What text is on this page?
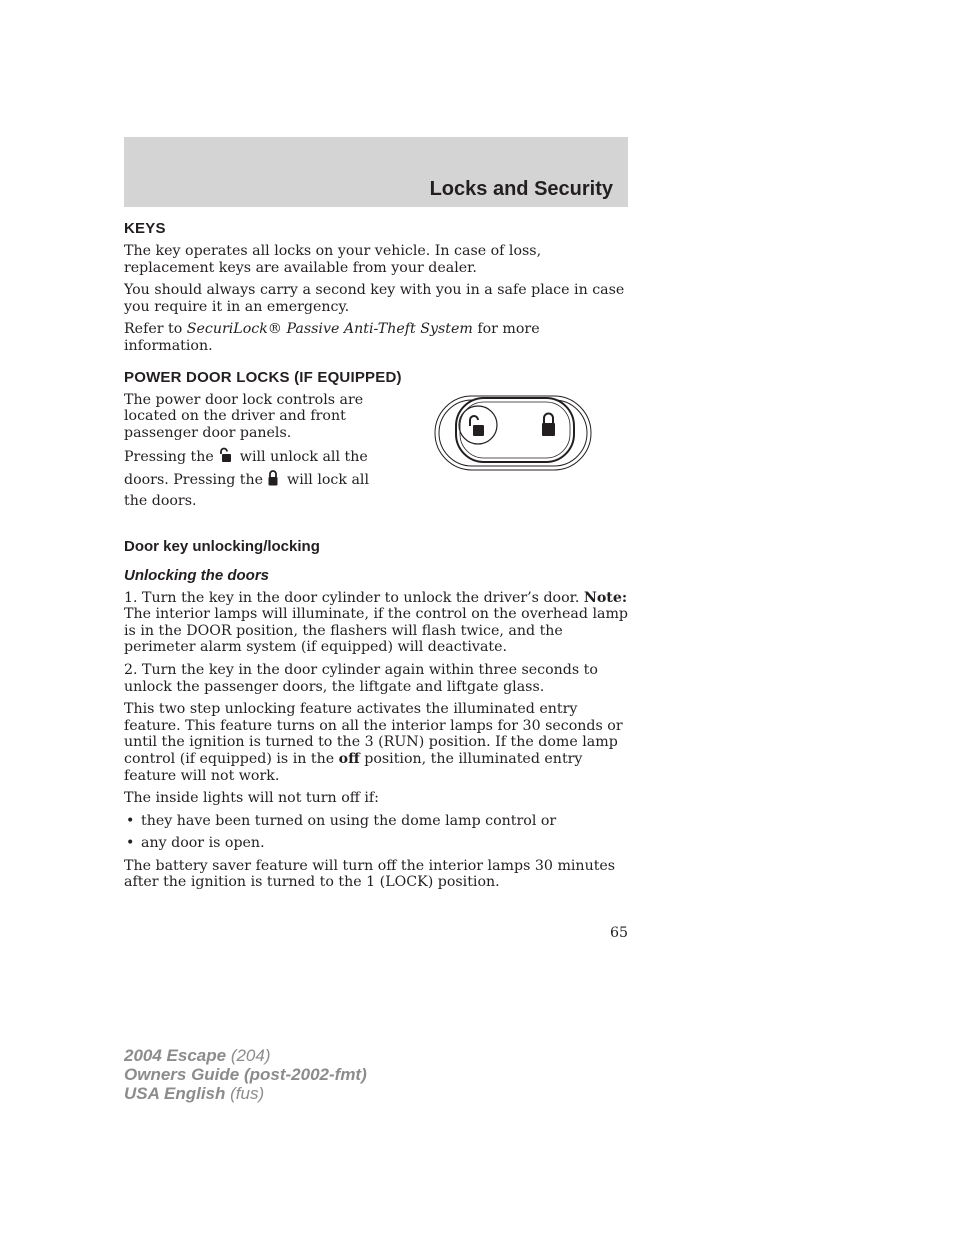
Locks and Security
KEYS

The key operates all locks on your vehicle. In case of loss, replacement keys are available from your dealer.

You should always carry a second key with you in a safe place in case you require it in an emergency.

Refer to SecuriLock® Passive Anti-Theft System for more information.

POWER DOOR LOCKS (IF EQUIPPED)

The power door lock controls are located on the driver and front passenger door panels.

Pressing the will unlock all the doors. Pressing the will lock all the doors.

Door key unlocking/locking
Unlocking the doors

1. Turn the key in the door cylinder to unlock the driver’s door. Note: The interior lamps will illuminate, if the control on the overhead lamp is in the DOOR position, the flashers will flash twice, and the perimeter alarm system (if equipped) will deactivate.

2. Turn the key in the door cylinder again within three seconds to unlock the passenger doors, the liftgate and liftgate glass.

This two step unlocking feature activates the illuminated entry feature. This feature turns on all the interior lamps for 30 seconds or until the ignition is turned to the 3 (RUN) position. If the dome lamp control (if equipped) is in the off position, the illuminated entry feature will not work.

The inside lights will not turn off if:

• they have been turned on using the dome lamp control or
• any door is open.

The battery saver feature will turn off the interior lamps 30 minutes after the ignition is turned to the 1 (LOCK) position.

65
2004 Escape (204)
Owners Guide (post-2002-fmt)
USA English (fus)
